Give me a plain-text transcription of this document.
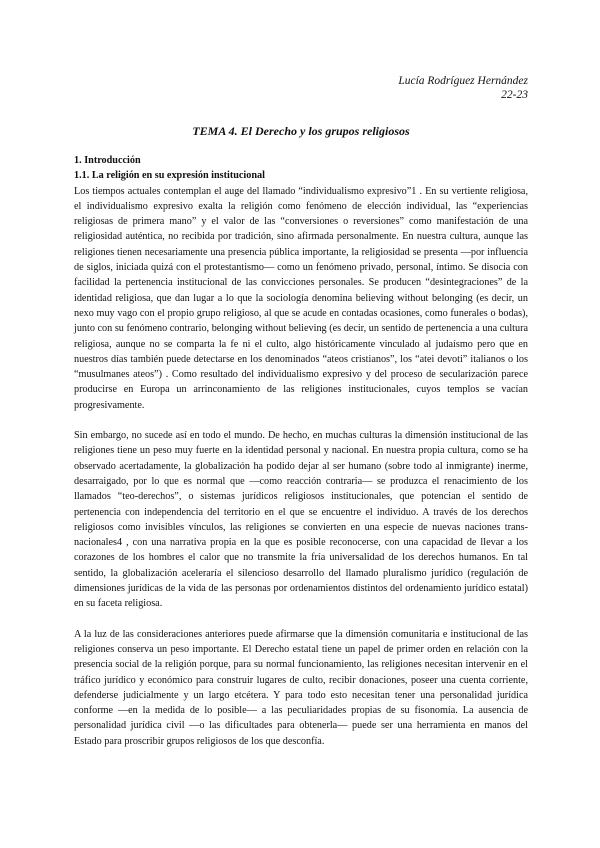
Lucía Rodríguez Hernández
22-23
TEMA 4. El Derecho y los grupos religiosos

1. Introducción

1.1. La religión en su expresión institucional

Los tiempos actuales contemplan el auge del llamado “individualismo expresivo”1 . En su vertiente religiosa, el individualismo expresivo exalta la religión como fenómeno de elección individual, las “experiencias religiosas de primera mano” y el valor de las “conversiones o reversiones” como manifestación de una religiosidad auténtica, no recibida por tradición, sino afirmada personalmente. En nuestra cultura, aunque las religiones tienen necesariamente una presencia pública importante, la religiosidad se presenta —por influencia de siglos, iniciada quizá con el protestantismo— como un fenómeno privado, personal, íntimo. Se disocia con facilidad la pertenencia institucional de las convicciones personales. Se producen “desintegraciones” de la identidad religiosa, que dan lugar a lo que la sociología denomina believing without belonging (es decir, un nexo muy vago con el propio grupo religioso, al que se acude en contadas ocasiones, como funerales o bodas), junto con su fenómeno contrario, belonging without believing (es decir, un sentido de pertenencia a una cultura religiosa, aunque no se comparta la fe ni el culto, algo históricamente vinculado al judaísmo pero que en nuestros días también puede detectarse en los denominados “ateos cristianos”, los “atei devoti” italianos o los “musulmanes ateos”) . Como resultado del individualismo expresivo y del proceso de secularización parece producirse en Europa un arrinconamiento de las religiones institucionales, cuyos templos se vacían progresivamente.

Sin embargo, no sucede así en todo el mundo. De hecho, en muchas culturas la dimensión institucional de las religiones tiene un peso muy fuerte en la identidad personal y nacional. En nuestra propia cultura, como se ha observado acertadamente, la globalización ha podido dejar al ser humano (sobre todo al inmigrante) inerme, desarraigado, por lo que es normal que —como reacción contraria— se produzca el renacimiento de los llamados “teo-derechos”, o sistemas jurídicos religiosos institucionales, que potencian el sentido de pertenencia con independencia del territorio en el que se encuentre el individuo. A través de los derechos religiosos como invisibles vínculos, las religiones se convierten en una especie de nuevas naciones trans-nacionales4 , con una narrativa propia en la que es posible reconocerse, con una capacidad de llevar a los corazones de los hombres el calor que no transmite la fría universalidad de los derechos humanos. En tal sentido, la globalización aceleraría el silencioso desarrollo del llamado pluralismo jurídico (regulación de dimensiones jurídicas de la vida de las personas por ordenamientos distintos del ordenamiento jurídico estatal) en su faceta religiosa.

A la luz de las consideraciones anteriores puede afirmarse que la dimensión comunitaria e institucional de las religiones conserva un peso importante. El Derecho estatal tiene un papel de primer orden en relación con la presencia social de la religión porque, para su normal funcionamiento, las religiones necesitan intervenir en el tráfico jurídico y económico para construir lugares de culto, recibir donaciones, poseer una cuenta corriente, defenderse judicialmente y un largo etcétera. Y para todo esto necesitan tener una personalidad jurídica conforme —en la medida de lo posible— a las peculiaridades propias de su fisonomía. La ausencia de personalidad jurídica civil —o las dificultades para obtenerla— puede ser una herramienta en manos del Estado para proscribir grupos religiosos de los que desconfía.
